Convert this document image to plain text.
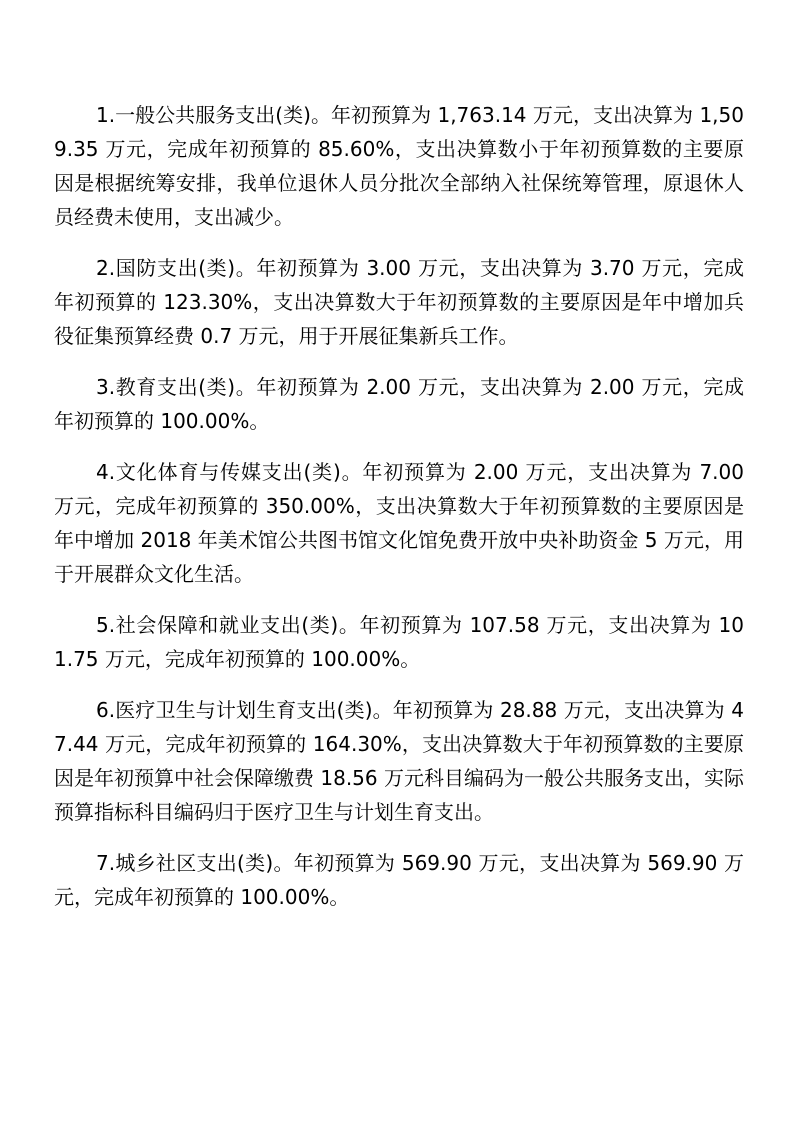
1.一般公共服务支出(类)。年初预算为 1,763.14 万元，支出决算为 1,509.35 万元，完成年初预算的 85.60%，支出决算数小于年初预算数的主要原因是根据统筹安排，我单位退休人员分批次全部纳入社保统筹管理，原退休人员经费未使用，支出减少。

2.国防支出(类)。年初预算为 3.00 万元，支出决算为 3.70 万元，完成年初预算的 123.30%，支出决算数大于年初预算数的主要原因是年中增加兵役征集预算经费 0.7 万元，用于开展征集新兵工作。

3.教育支出(类)。年初预算为 2.00 万元，支出决算为 2.00 万元，完成年初预算的 100.00%。

4.文化体育与传媒支出(类)。年初预算为 2.00 万元，支出决算为 7.00 万元，完成年初预算的 350.00%，支出决算数大于年初预算数的主要原因是年中增加 2018 年美术馆公共图书馆文化馆免费开放中央补助资金 5 万元，用于开展群众文化生活。

5.社会保障和就业支出(类)。年初预算为 107.58 万元，支出决算为 101.75 万元，完成年初预算的 100.00%。

6.医疗卫生与计划生育支出(类)。年初预算为 28.88 万元，支出决算为 47.44 万元，完成年初预算的 164.30%，支出决算数大于年初预算数的主要原因是年初预算中社会保障缴费 18.56 万元科目编码为一般公共服务支出，实际预算指标科目编码归于医疗卫生与计划生育支出。

7.城乡社区支出(类)。年初预算为 569.90 万元，支出决算为 569.90 万元，完成年初预算的 100.00%。
